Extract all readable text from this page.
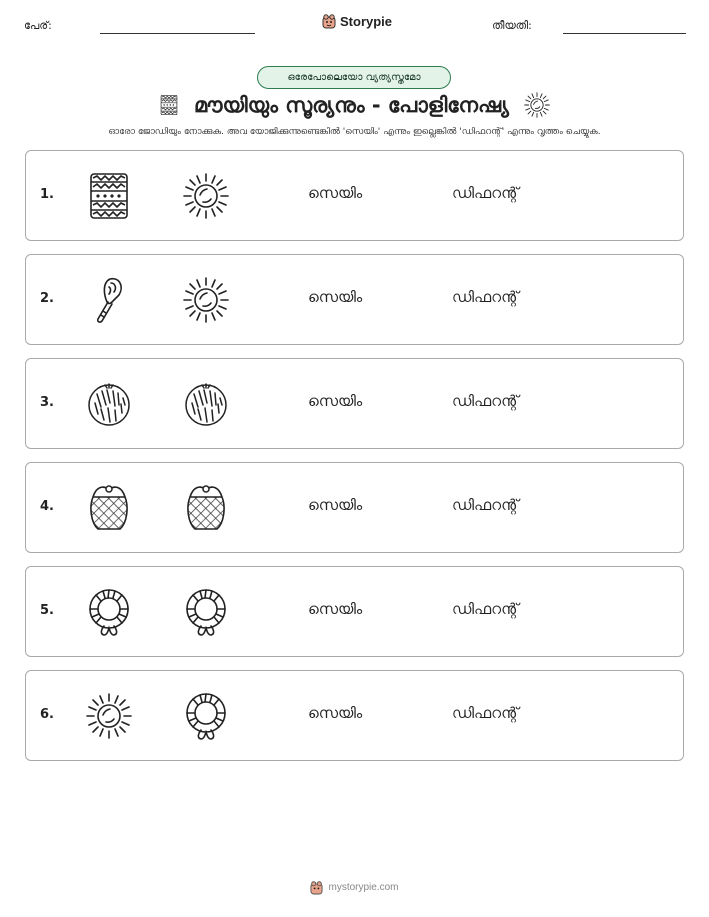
പേര്:	Storypie	തീയതി:
ഒരേപോലെയോ വ്യത്യസ്തമോ
മൗയിയും സൂര്യനും - പോളിനേഷ്യ
ഓരോ ജോഡിയും നോക്കുക. അവ യോജിക്കുന്നുണ്ടെങ്കിൽ 'സെയിം' എന്നും ഇല്ലെങ്കിൽ 'ഡിഫറന്റ്' എന്നും വൃത്തം ചെയ്യുക.
1.	സെയിം	ഡിഫറന്റ്
2.	സെയിം	ഡിഫറന്റ്
3.	സെയിം	ഡിഫറന്റ്
4.	സെയിം	ഡിഫറന്റ്
5.	സെയിം	ഡിഫറന്റ്
6.	സെയിം	ഡിഫറന്റ്
mystorypie.com
